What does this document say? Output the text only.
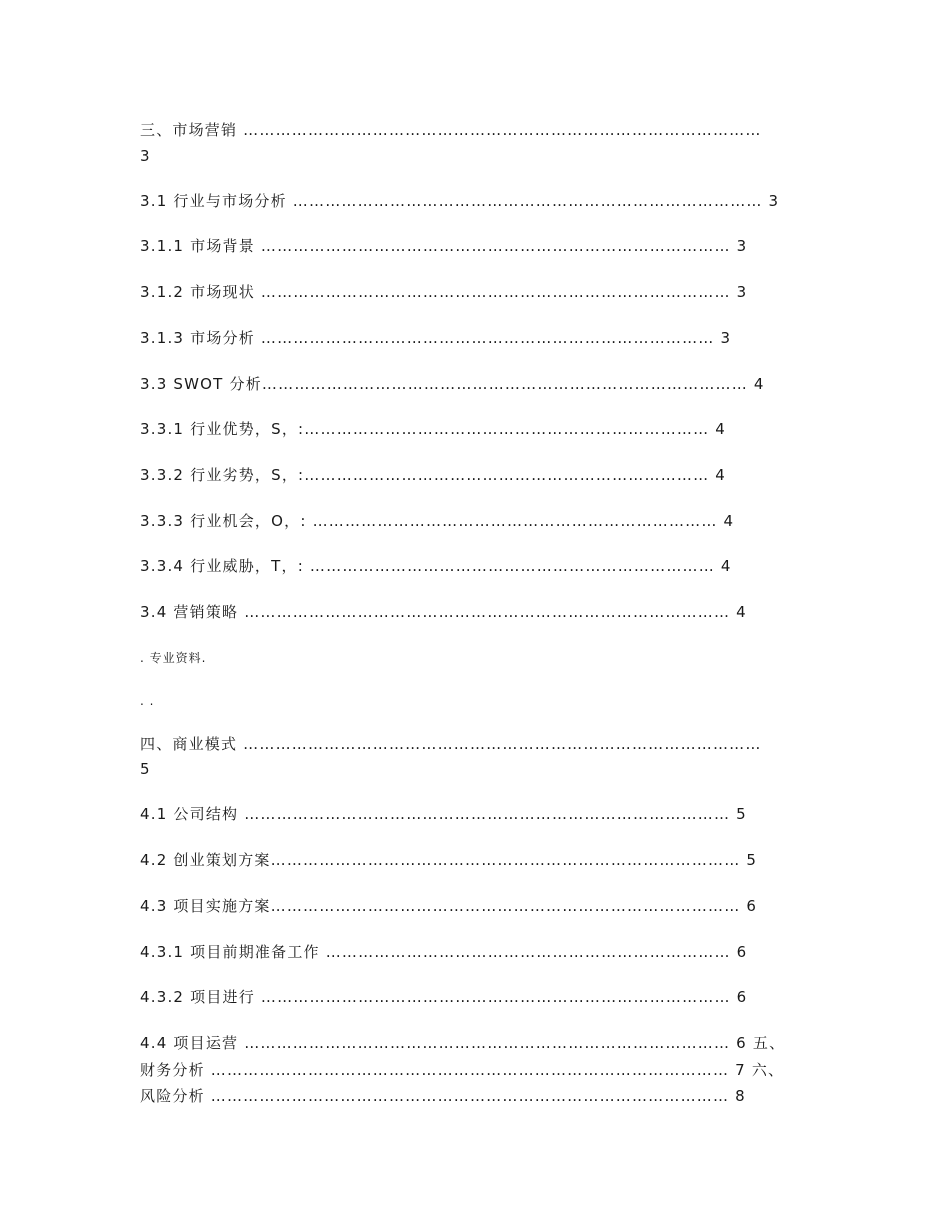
三、市场营销 ……………………………………………………………………………………
3
3.1 行业与市场分析 …………………………………………………………………………… 3
3.1.1 市场背景 …………………………………………………………………………… 3
3.1.2 市场现状 …………………………………………………………………………… 3
3.1.3 市场分析 ………………………………………………………………………… 3
3.3 SWOT 分析……………………………………………………………………………… 4
3.3.1 行业优势，S，:………………………………………………………………… 4
3.3.2 行业劣势，S，:………………………………………………………………… 4
3.3.3 行业机会，O，: ………………………………………………………………… 4
3.3.4 行业威胁，T，: ………………………………………………………………… 4
3.4 营销策略 ……………………………………………………………………………… 4
. 专业资料.
. .
四、商业模式 ……………………………………………………………………………………
5
4.1 公司结构 ……………………………………………………………………………… 5
4.2 创业策划方案…………………………………………………………………………… 5
4.3 项目实施方案…………………………………………………………………………… 6
4.3.1 项目前期准备工作 ………………………………………………………………… 6
4.3.2 项目进行 …………………………………………………………………………… 6
4.4 项目运营 ……………………………………………………………………………… 6 五、
财务分析 …………………………………………………………………………………… 7 六、
风险分析 …………………………………………………………………………………… 8
